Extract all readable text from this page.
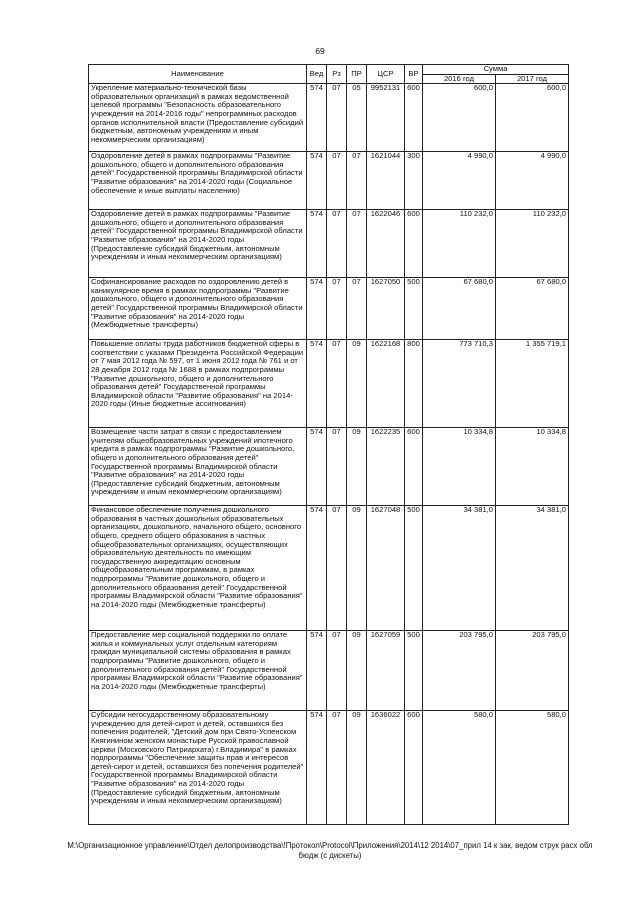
69
Наименование	Вед	Рз	ПР	ЦСР	ВР	Сумма	
						2016 год	2017 год
Укрепление материально-технической базы образовательных организаций в рамках ведомственной целевой программы "Безопасность образовательного учреждения на 2014-2016 годы" непрограммных расходов органов исполнительной власти (Предоставление субсидий бюджетным, автономным учреждениям и иным некоммерческим организациям)	574	07	05	9952131	600	600,0	600,0
Оздоровление детей в рамках подпрограммы "Развитие дошкольного, общего и дополнительного образования детей" Государственной программы Владимирской области "Развитие образования" на 2014-2020 годы (Социальное обеспечение и иные выплаты населению)	574	07	07	1621044	300	4 990,0	4 990,0
Оздоровление детей в рамках подпрограммы "Развитие дошкольного, общего и дополнительного образования детей" Государственной программы Владимирской области "Развитие образования" на 2014-2020 годы (Предоставление субсидий бюджетным, автономным учреждениям и иным некоммерческим организациям)	574	07	07	1622046	600	110 232,0	110 232,0
Софинансирование расходов по оздоровлению детей в каникулярное время в рамках подпрограммы "Развитие дошкольного, общего и дополнительного образования детей" Государственной программы Владимирской области "Развитие образования" на 2014-2020 годы (Межбюджетные трансферты)	574	07	07	1627050	500	67 680,0	67 680,0
Повышение оплаты труда работников бюджетной сферы в соответствии с указами Президента Российской Федерации от 7 мая 2012 года № 597, от 1 июня 2012 года № 761 и от 28 декабря 2012 года № 1688 в рамках подпрограммы "Развитие дошкольного, общего и дополнительного образования детей" Государственной программы Владимирской области "Развитие образования" на 2014-2020 годы (Иные бюджетные ассигнования)	574	07	09	1622168	800	773 710,3	1 355 719,1
Возмещение части затрат в связи с предоставлением учителям общеобразовательных учреждений ипотечного кредита в рамках подпрограммы "Развитие дошкольного, общего и дополнительного образования детей" Государственной программы Владимирской области "Развитие образования" на 2014-2020 годы (Предоставление субсидий бюджетным, автономным учреждениям и иным некоммерческим организациям)	574	07	09	1622235	600	10 334,8	10 334,8
Финансовое обеспечение получения дошкольного образования в частных дошкольных образовательных организациях, дошкольного, начального общего, основного общего, среднего общего образования в частных общеобразовательных организациях, осуществляющих образовательную деятельность по имеющим государственную аккредитацию основным общеобразовательным программам, в рамках подпрограммы "Развитие дошкольного, общего и дополнительного образования детей" Государственной программы Владимирской области "Развитие образования" на 2014-2020 годы (Межбюджетные трансферты)	574	07	09	1627048	500	34 381,0	34 381,0
Предоставление мер социальной поддержки по оплате жилья и коммунальных услуг отдельным категориям граждан муниципальной системы образования в рамках подпрограммы "Развитие дошкольного, общего и дополнительного образования детей" Государственной программы Владимирской области "Развитие образования" на 2014-2020 годы (Межбюджетные трансферты)	574	07	09	1627059	500	203 795,0	203 795,0
Субсидии негосударственному образовательному учреждению для детей-сирот и детей, оставшихся без попечения родителей, "Детский дом при Свято-Успенском Княгинином женском монастыре Русской православной церкви (Московского Патриархата) г.Владимира" в рамках подпрограммы "Обеспечение защиты прав и интересов детей-сирот и детей, оставшихся без попечения родителей" Государственной программы Владимирской области "Развитие образования" на 2014-2020 годы (Предоставление субсидий бюджетным, автономным учреждениям и иным некоммерческим организациям)	574	07	09	1636022	600	580,0	580,0
M:\Организационное управление\Отдел делопроизводства\!Протокол\Protocol\Приложения\2014\12 2014\07_прил 14 к зак, ведом струк расх обл бюдж (с дискеты)
